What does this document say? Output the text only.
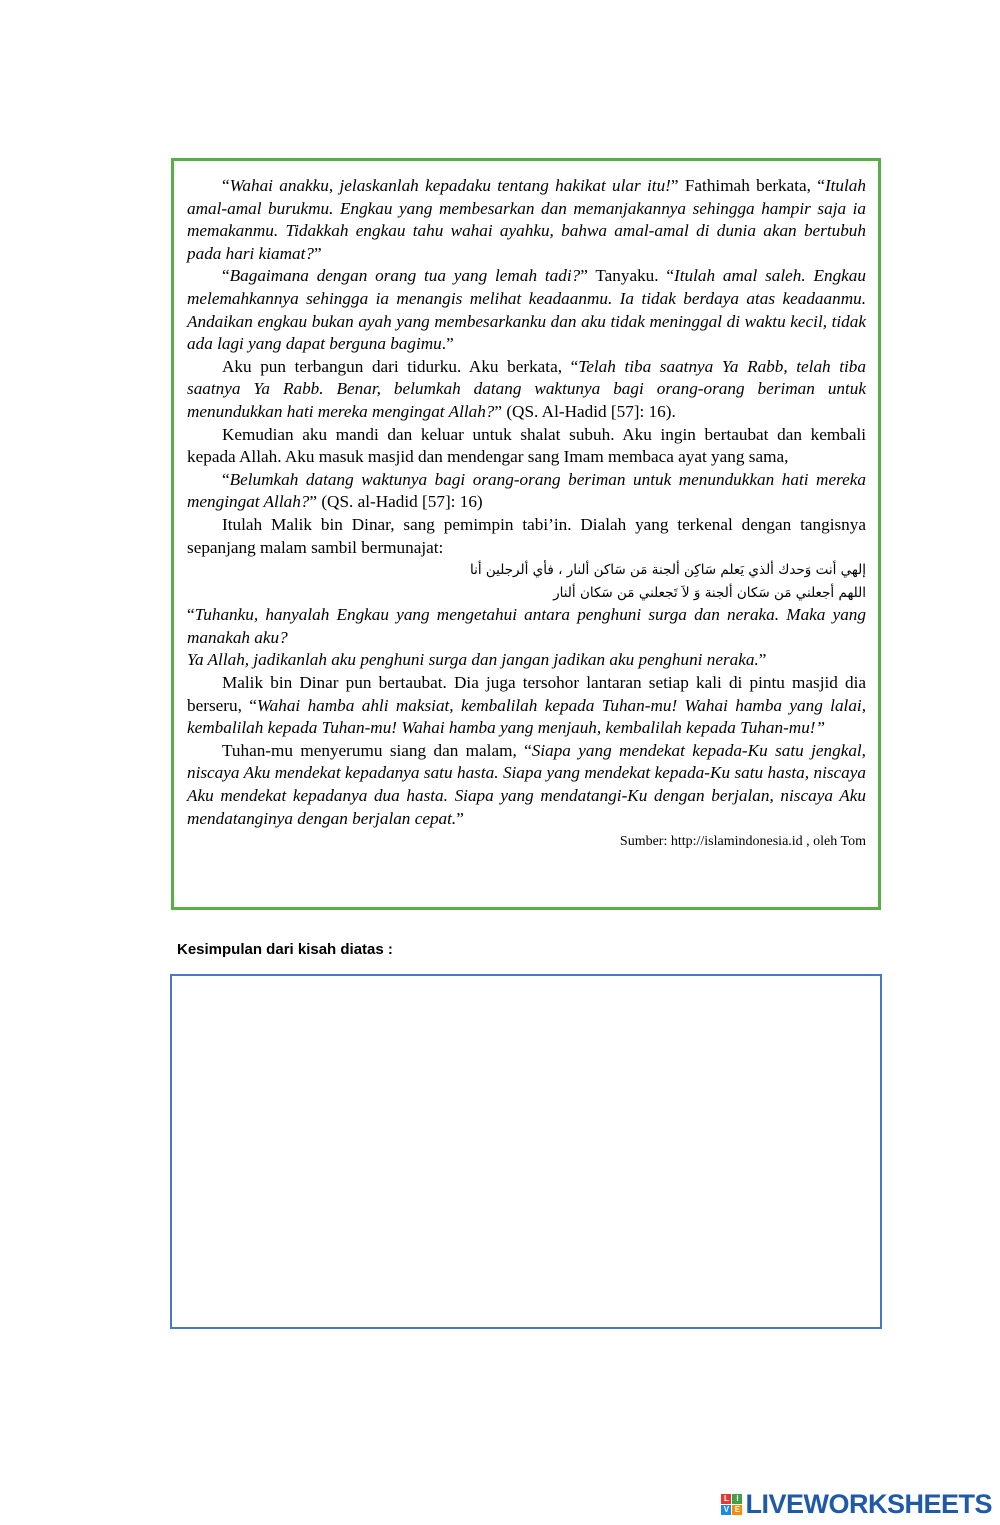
“Wahai anakku, jelaskanlah kepadaku tentang hakikat ular itu!” Fathimah berkata, “Itulah amal-amal burukmu. Engkau yang membesarkan dan memanjakannya sehingga hampir saja ia memakanmu. Tidakkah engkau tahu wahai ayahku, bahwa amal-amal di dunia akan bertubuh pada hari kiamat?”

“Bagaimana dengan orang tua yang lemah tadi?” Tanyaku. “Itulah amal saleh. Engkau melemahkannya sehingga ia menangis melihat keadaanmu. Ia tidak berdaya atas keadaanmu. Andaikan engkau bukan ayah yang membesarkanku dan aku tidak meninggal di waktu kecil, tidak ada lagi yang dapat berguna bagimu.”

Aku pun terbangun dari tidurku. Aku berkata, “Telah tiba saatnya Ya Rabb, telah tiba saatnya Ya Rabb. Benar, belumkah datang waktunya bagi orang-orang beriman untuk menundukkan hati mereka mengingat Allah?” (QS. Al-Hadid [57]: 16).

Kemudian aku mandi dan keluar untuk shalat subuh. Aku ingin bertaubat dan kembali kepada Allah. Aku masuk masjid dan mendengar sang Imam membaca ayat yang sama,

“Belumkah datang waktunya bagi orang-orang beriman untuk menundukkan hati mereka mengingat Allah?” (QS. al-Hadid [57]: 16)

Itulah Malik bin Dinar, sang pemimpin tabi’in. Dialah yang terkenal dengan tangisnya sepanjang malam sambil bermunajat:

إلهي أنت وَحدك ألذي يَعلم سَاكِن ألجنة مَن سَاكن ألنار ، فأي ألرجلين أنا

اللهم أجعلني مَن سَكان ألجنة وَ لاَ تَجعلني مَن سَكان ألنار

“Tuhanku, hanyalah Engkau yang mengetahui antara penghuni surga dan neraka. Maka yang manakah aku?

Ya Allah, jadikanlah aku penghuni surga dan jangan jadikan aku penghuni neraka.”

Malik bin Dinar pun bertaubat. Dia juga tersohor lantaran setiap kali di pintu masjid dia berseru, “Wahai hamba ahli maksiat, kembalilah kepada Tuhan-mu! Wahai hamba yang lalai, kembalilah kepada Tuhan-mu! Wahai hamba yang menjauh, kembalilah kepada Tuhan-mu!”

Tuhan-mu menyerumu siang dan malam, “Siapa yang mendekat kepada-Ku satu jengkal, niscaya Aku mendekat kepadanya satu hasta. Siapa yang mendekat kepada-Ku satu hasta, niscaya Aku mendekat kepadanya dua hasta. Siapa yang mendatangi-Ku dengan berjalan, niscaya Aku mendatanginya dengan berjalan cepat.”

Sumber: http://islamindonesia.id , oleh Tom

Kesimpulan dari kisah diatas :

L I
V E LIVEWORKSHEETS
